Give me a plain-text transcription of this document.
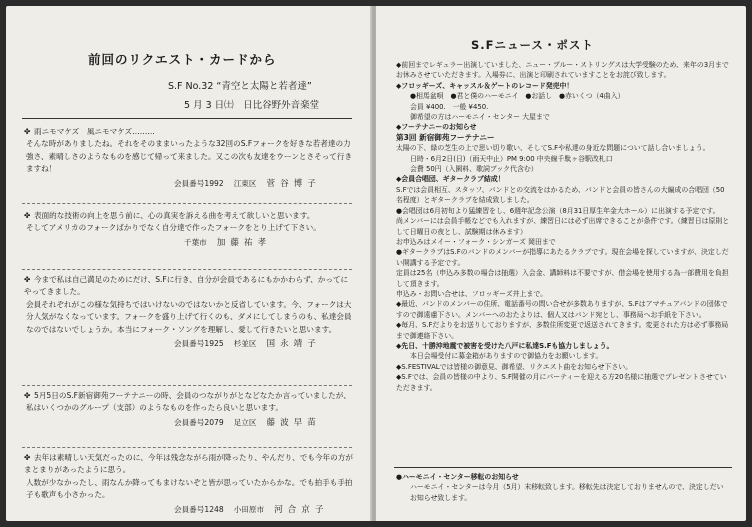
前回のリクエスト・カードから
S.F No.32 “青空と太陽と若者達”
5 月 3 日㈯　日比谷野外音楽堂
✤ 雨ニモマケズ　風ニモマケズ………

そんな時がありましたね。それをそのままいったような32回のS.Fフォークを好きな若者達の力強さ、素晴しさのようなものを感じて帰って来ました。又この次も友達をウーンとさそって行きますね！

会員番号1992 江東区 菅谷博子
✤ 表面的な技術の向上を思う前に、心の真実を訴える曲を考えて欲しいと思います。

そしてアメリカのフォークばかりでなく自分達で作ったフォークをとり上げて下さい。

千葉市 加藤祐孝
✤ 今まで私は自己満足のためにだけ、S.Fに行き、自分が会員であるにもかかわらず、かってにやってきました。

会員それぞれがこの様な気持ちではいけないのではないかと反省しています。今、フォークは大分人気がなくなっています。フォークを盛り上げて行くのも、ダメにしてしまうのも、私達会員なのではないでしょうか。本当にフォーク・ソングを理解し、愛して行きたいと思います。

会員番号1925 杉並区 国永靖子
✤ 5月5日のS.F新宿御苑フーテナニーの時、会員のつながりがとなどなたか言っていましたが、

私はいくつかのグループ（支部）のようなものを作ったら良いと思います。

会員番号2079 足立区 藤波早苗
✤ 去年は素晴しい天気だったのに、今年は残念ながら雨が降ったり、やんだり、でも今年の方がまとまりがあったように思う。

人数が少なかったし、雨なんか降ってもまけないぞと皆が思っていたからかな。でも拍手も手拍子も歌声も小さかった。

会員番号1248 小田原市 河合京子
S.Fニュース・ポスト

◆前回までレギュラー出演していました、ニュー・ブルー・ストリングスは大学受験のため、来年の3月までお休みさせていただきます。入場券に、出演と印刷されていますことをお詫び致します。

◆フロッギーズ、キャッスル＆ゲートのレコード発売中！

●相馬盆唄　●君と僕のハーモニイ　●お話し　●赤いくつ（4曲入）

会員 ¥400.　一般 ¥450.

御希望の方はハーモニイ・センター 大屋まで

◆フーテナニーのお知らせ

第3回 新宿御苑フーテナニー

太陽の下、緑の芝生の上で思い切り歌い、そしてS.Fや私達の身近な問題について話し合いましょう。

日時・6月2日(日)（雨天中止）PM 9:00 中央線千駄ヶ谷駅改札口

会費 50円（入園料、歌詞ブック代含む）

◆会員合唱団、ギタークラブ結成！

S.Fでは会員相互、スタッフ、バンドとの交流をはかるため、バンドと会員の皆さんの大編成の合唱団（50名程度）とギタークラブを結成致しました。

●会唱団は6月初旬より猛練習をし、6週年記念公演（8月31日厚生年金大ホール）に出演する予定です。

尚メンバーには会員手帳などでも入れますが、練習日には必ず出席できることが条件です。（練習日は原則として日曜日の夜とし、試験期は休みます）

お申込みはメイー・フォーク・シンガーズ 岡田まで

●ギタークラブはS.Fのバンドのメンバーが指導にあたるクラブです。現在会場を探していますが、決定しだい開講する予定です。

定員は25名（申込み多数の場合は抽選）入会金、講師料は不要ですが、借会場を使用する為一部費用を負担して頂きます。

申込み・お問い合せは、フロッギーズ井上まで。

◆最近、バンドのメンバーの住所、電話番号の問い合せが多数ありますが、S.Fはアマチュアバンドの団体ですので御遠慮下さい。メンバーへのおたよりは、個人又はバンド宛とし、事務局へお手紙を下さい。

◆毎月、S.Fだよりをお送りしておりますが、多数住所変更で返送されてきます。変更された方は必ず事務局まで御連絡下さい。

◆先日、十勝沖地震で被害を受けた八戸に私達S.Fも協力しましょう。

本日会場受付に募金箱がありますので御協力をお願いします。

◆S.FESTIVALでは皆様の御意見、御希望、リクエスト曲をお知らせ下さい。

◆S.Fでは、会員の皆様の中より、S.F開催の月にパーティーを迎える方20名様に抽選でプレゼントさせていただきます。

●ハーモニイ・センター移転のお知らせ

ハーモニイ・センターは今月（5月）末移転致します。移転先は決定しておりませんので、決定しだいお知らせ致します。
